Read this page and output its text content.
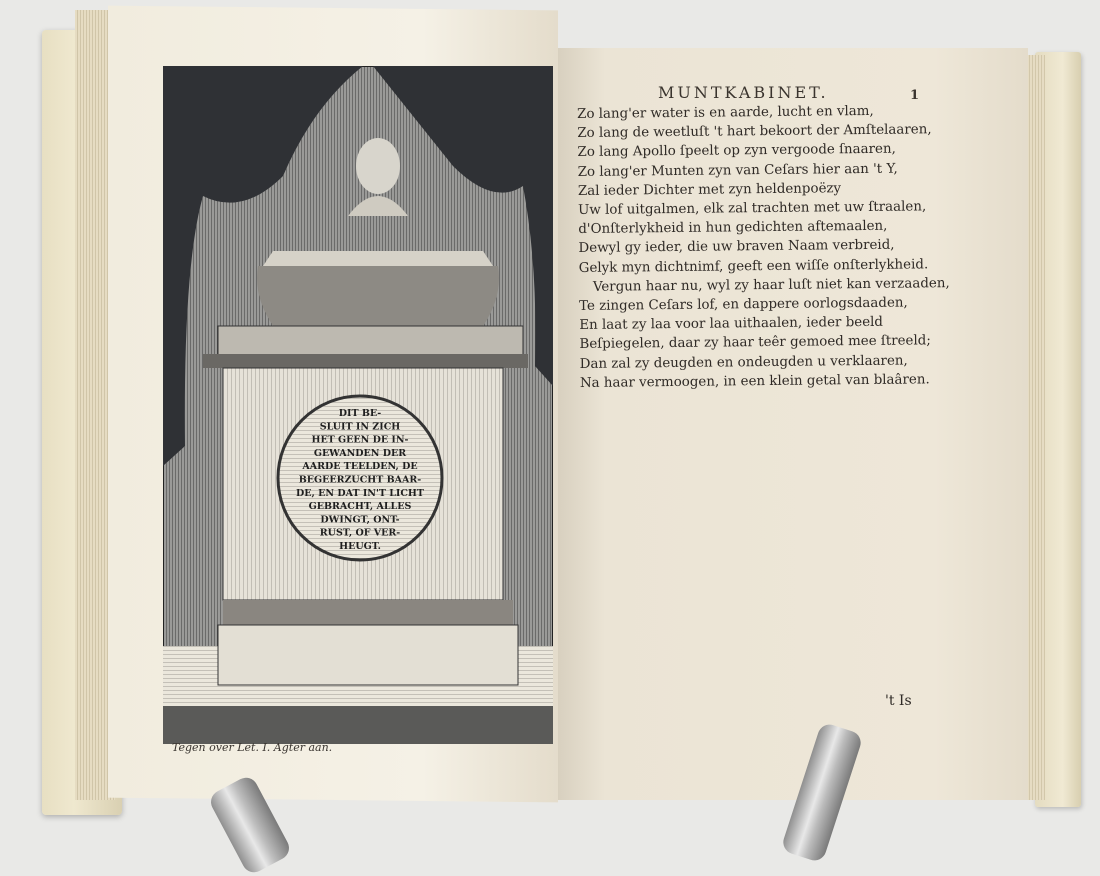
DIT BE-
SLUIT IN ZICH
HET GEEN DE IN-
GEWANDEN DER
AARDE TEELDEN, DE
BEGEERZUCHT BAAR-
DE, EN DAT IN'T LICHT
GEBRACHT, ALLES
DWINGT, ONT-
RUST, OF VER-
HEUGT.
Tegen over Let. I. Agter aan.
MUNTKABINET.	1
Zo lang'er water is en aarde, lucht en vlam,
Zo lang de weetluſt 't hart bekoort der Amſtelaaren,
Zo lang Apollo ſpeelt op zyn vergoode ſnaaren,
Zo lang'er Munten zyn van Ceſars hier aan 't Y,
Zal ieder Dichter met zyn heldenpoëzy
Uw lof uitgalmen, elk zal trachten met uw ſtraalen,
d'Onſterlykheid in hun gedichten aftemaalen,
Dewyl gy ieder, die uw braven Naam verbreid,
Gelyk myn dichtnimf, geeft een wiſſe onſterlykheid.
Vergun haar nu, wyl zy haar luſt niet kan verzaaden,
Te zingen Ceſars lof, en dappere oorlogsdaaden,
En laat zy laa voor laa uithaalen, ieder beeld
Beſpiegelen, daar zy haar teêr gemoed mee ſtreeld;
Dan zal zy deugden en ondeugden u verklaaren,
Na haar vermoogen, in een klein getal van blaâren.
't Is
